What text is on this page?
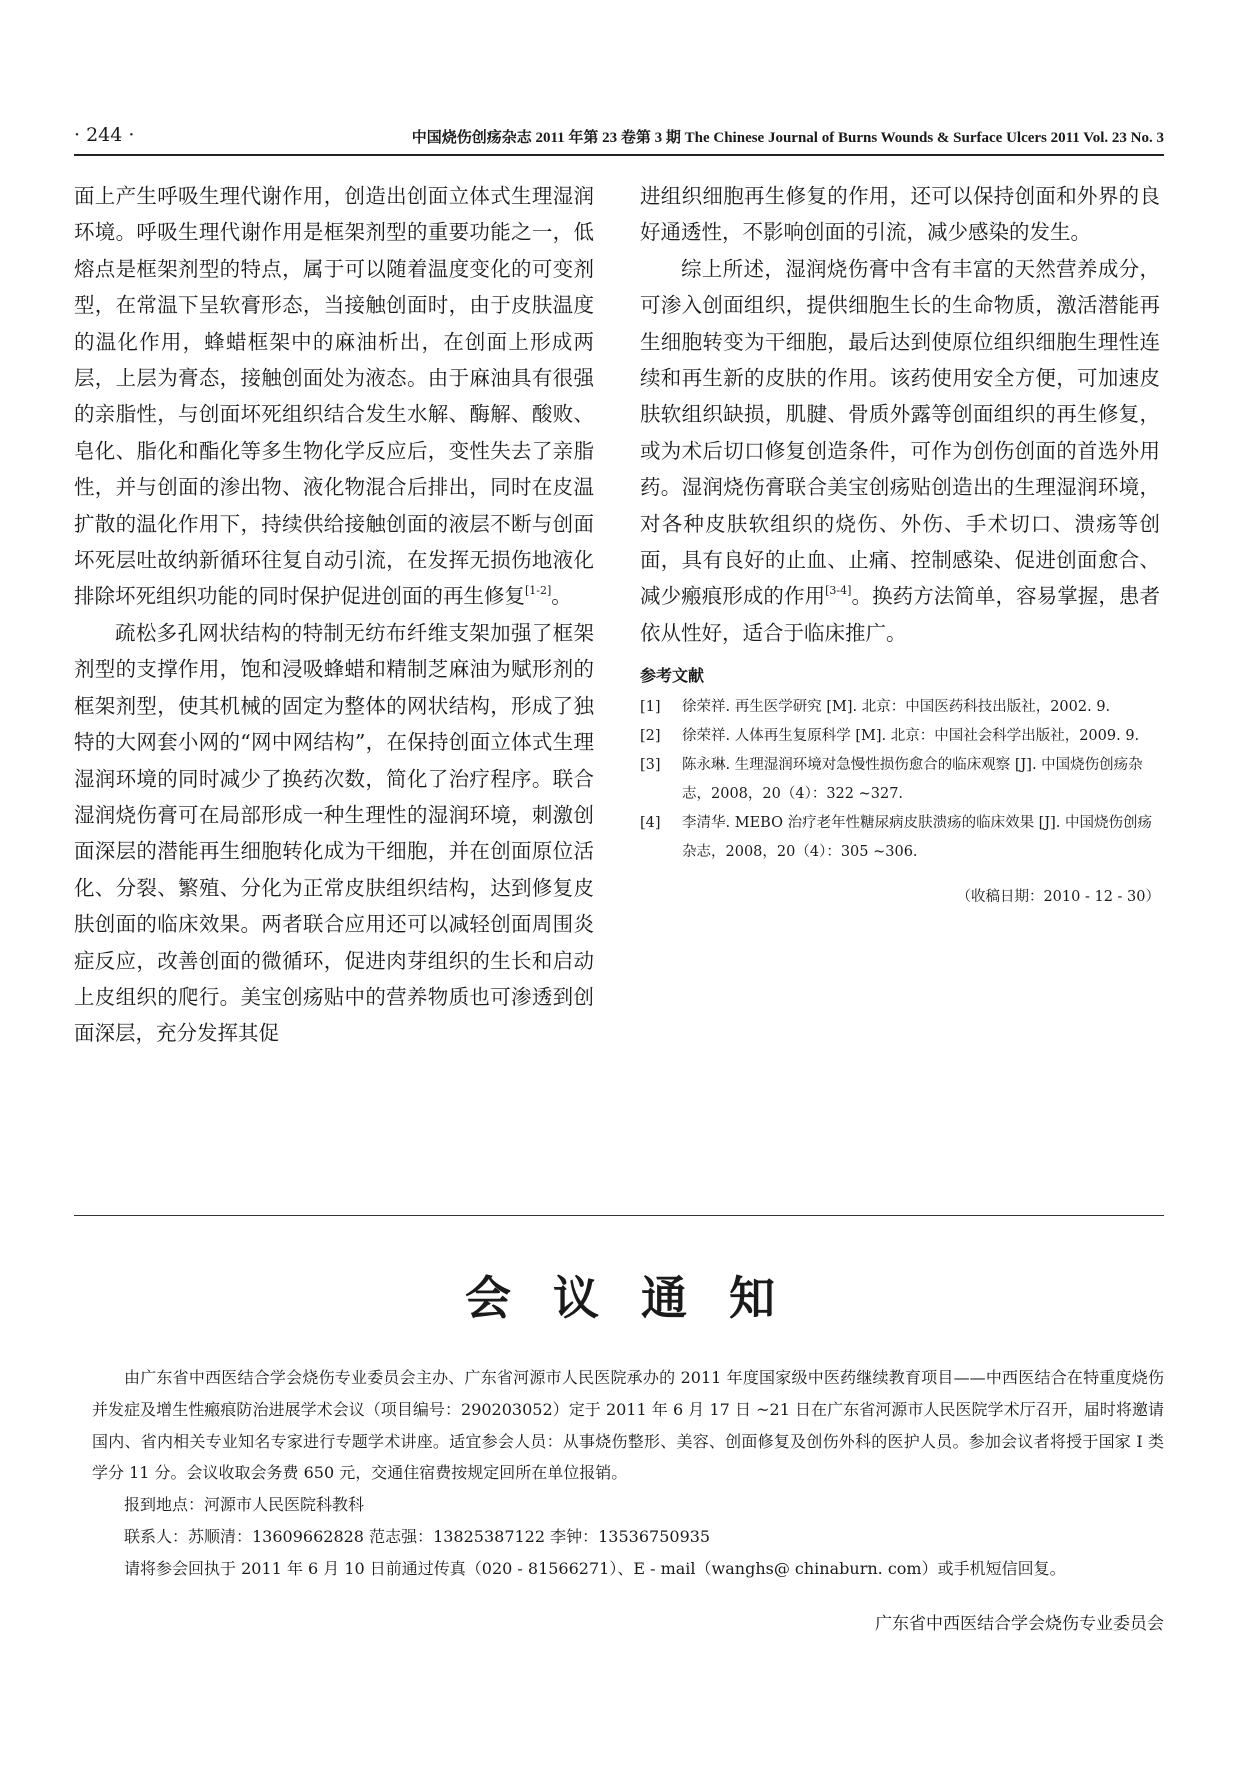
· 244 ·	中国烧伤创疡杂志 2011 年第 23 卷第 3 期 The Chinese Journal of Burns Wounds & Surface Ulcers 2011 Vol. 23 No. 3

面上产生呼吸生理代谢作用，创造出创面立体式生理湿润环境。呼吸生理代谢作用是框架剂型的重要功能之一，低熔点是框架剂型的特点，属于可以随着温度变化的可变剂型，在常温下呈软膏形态，当接触创面时，由于皮肤温度的温化作用，蜂蜡框架中的麻油析出，在创面上形成两层，上层为膏态，接触创面处为液态。由于麻油具有很强的亲脂性，与创面坏死组织结合发生水解、酶解、酸败、皂化、脂化和酯化等多生物化学反应后，变性失去了亲脂性，并与创面的渗出物、液化物混合后排出，同时在皮温扩散的温化作用下，持续供给接触创面的液层不断与创面坏死层吐故纳新循环往复自动引流，在发挥无损伤地液化排除坏死组织功能的同时保护促进创面的再生修复[1-2]。

疏松多孔网状结构的特制无纺布纤维支架加强了框架剂型的支撑作用，饱和浸吸蜂蜡和精制芝麻油为赋形剂的框架剂型，使其机械的固定为整体的网状结构，形成了独特的大网套小网的“网中网结构”，在保持创面立体式生理湿润环境的同时减少了换药次数，简化了治疗程序。联合湿润烧伤膏可在局部形成一种生理性的湿润环境，刺激创面深层的潜能再生细胞转化成为干细胞，并在创面原位活化、分裂、繁殖、分化为正常皮肤组织结构，达到修复皮肤创面的临床效果。两者联合应用还可以减轻创面周围炎症反应，改善创面的微循环，促进肉芽组织的生长和启动上皮组织的爬行。美宝创疡贴中的营养物质也可渗透到创面深层，充分发挥其促

进组织细胞再生修复的作用，还可以保持创面和外界的良好通透性，不影响创面的引流，减少感染的发生。

综上所述，湿润烧伤膏中含有丰富的天然营养成分，可渗入创面组织，提供细胞生长的生命物质，激活潜能再生细胞转变为干细胞，最后达到使原位组织细胞生理性连续和再生新的皮肤的作用。该药使用安全方便，可加速皮肤软组织缺损，肌腱、骨质外露等创面组织的再生修复，或为术后切口修复创造条件，可作为创伤创面的首选外用药。湿润烧伤膏联合美宝创疡贴创造出的生理湿润环境，对各种皮肤软组织的烧伤、外伤、手术切口、溃疡等创面，具有良好的止血、止痛、控制感染、促进创面愈合、减少瘢痕形成的作用[3-4]。换药方法简单，容易掌握，患者依从性好，适合于临床推广。

参考文献
[1] 徐荣祥. 再生医学研究 [M]. 北京：中国医药科技出版社，2002. 9.
[2] 徐荣祥. 人体再生复原科学 [M]. 北京：中国社会科学出版社，2009. 9.
[3] 陈永琳. 生理湿润环境对急慢性损伤愈合的临床观察 [J]. 中国烧伤创疡杂志，2008，20（4）：322 ~327.
[4] 李清华. MEBO 治疗老年性糖尿病皮肤溃疡的临床效果 [J]. 中国烧伤创疡杂志，2008，20（4）：305 ~306.
（收稿日期：2010 - 12 - 30）
会议通知

由广东省中西医结合学会烧伤专业委员会主办、广东省河源市人民医院承办的 2011 年度国家级中医药继续教育项目——中西医结合在特重度烧伤并发症及增生性瘢痕防治进展学术会议（项目编号：290203052）定于 2011 年 6 月 17 日 ~21 日在广东省河源市人民医院学术厅召开，届时将邀请国内、省内相关专业知名专家进行专题学术讲座。适宜参会人员：从事烧伤整形、美容、创面修复及创伤外科的医护人员。参加会议者将授于国家 I 类学分 11 分。会议收取会务费 650 元，交通住宿费按规定回所在单位报销。

报到地点：河源市人民医院科教科

联系人：苏顺清：13609662828 范志强：13825387122 李钟：13536750935

请将参会回执于 2011 年 6 月 10 日前通过传真（020 - 81566271）、E - mail（wanghs@ chinaburn. com）或手机短信回复。

广东省中西医结合学会烧伤专业委员会
